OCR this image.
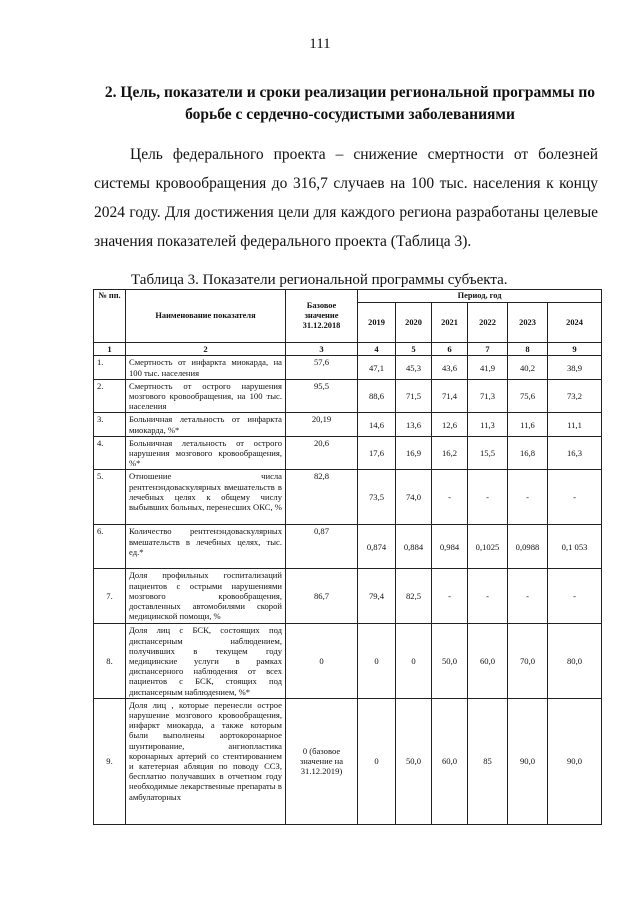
111
2. Цель, показатели и сроки реализации региональной программы по борьбе с сердечно-сосудистыми заболеваниями
Цель федерального проекта – снижение смертности от болезней
системы кровообращения до 316,7 случаев на 100 тыс. населения к концу
2024 году. Для достижения цели для каждого региона разработаны целевые
значения показателей федерального проекта (Таблица 3).
Таблица 3. Показатели региональной программы субъекта.
№ пп.	Наименование показателя	Базовое значение 31.12.2018	Период, год					
			2019	2020	2021	2022	2023	2024
1	2	3	4	5	6	7	8	9
1.	Смертность от инфаркта миокарда, на 100 тыс. населения	57,6	47,1	45,3	43,6	41,9	40,2	38,9
2.	Смертность от острого нарушения мозгового кровообращения, на 100 тыс. населения	95,5	88,6	71,5	71,4	71,3	75,6	73,2
3.	Больничная летальность от инфаркта миокарда, %*	20,19	14,6	13,6	12,6	11,3	11,6	11,1
4.	Больничная летальность от острого нарушения мозгового кровообращения, %*	20,6	17,6	16,9	16,2	15,5	16,8	16,3
5.	Отношение числа рентгенэндоваскулярных вмешательств в лечебных целях к общему числу выбывших больных, перенесших ОКС, %	82,8	73,5	74,0	-	-	-	-
6.	Количество рентгенэндоваскулярных вмешательств в лечебных целях, тыс. ед.*	0,87	0,874	0,884	0,984	0,1025	0,0988	0,1 053
7.	Доля профильных госпитализаций пациентов с острыми нарушениями мозгового кровообращения, доставленных автомобилями скорой медицинской помощи, %	86,7	79,4	82,5	-	-	-	-
8.	Доля лиц с БСК, состоящих под диспансерным наблюдением, получивших в текущем году медицинские услуги в рамках диспансерного наблюдения от всех пациентов с БСК, стоящих под диспансерным наблюдением, %*	0	0	0	50,0	60,0	70,0	80,0
9.	Доля лиц , которые перенесли острое нарушение мозгового кровообращения, инфаркт миокарда, а также которым были выполнены аортокоронарное шунтирование, ангиопластика коронарных артерий со стентированием и катетерная абляция по поводу ССЗ, бесплатно получавших в отчетном году необходимые лекарственные препараты в амбулаторных	0 (базовое значение на 31.12.2019)	0	50,0	60,0	85	90,0	90,0
